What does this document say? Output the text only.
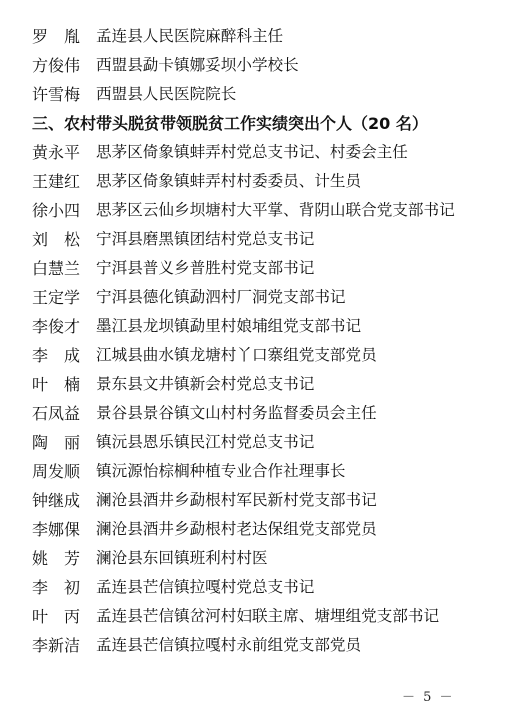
罗　胤	孟连县人民医院麻醉科主任
方俊伟	西盟县勐卡镇娜妥坝小学校长
许雪梅	西盟县人民医院院长
三、农村带头脱贫带领脱贫工作实绩突出个人（20 名）
黄永平	思茅区倚象镇蚌弄村党总支书记、村委会主任
王建红	思茅区倚象镇蚌弄村村委委员、计生员
徐小四	思茅区云仙乡坝塘村大平掌、背阴山联合党支部书记
刘　松	宁洱县磨黑镇团结村党总支书记
白慧兰	宁洱县普义乡普胜村党支部书记
王定学	宁洱县德化镇勐泗村厂洞党支部书记
李俊才	墨江县龙坝镇勐里村娘埔组党支部书记
李　成	江城县曲水镇龙塘村丫口寨组党支部党员
叶　楠	景东县文井镇新会村党总支书记
石凤益	景谷县景谷镇文山村村务监督委员会主任
陶　丽	镇沅县恩乐镇民江村党总支书记
周发顺	镇沅源怡棕榈种植专业合作社理事长
钟继成	澜沧县酒井乡勐根村军民新村党支部书记
李娜倮	澜沧县酒井乡勐根村老达保组党支部党员
姚　芳	澜沧县东回镇班利村村医
李　初	孟连县芒信镇拉嘎村党总支书记
叶　丙	孟连县芒信镇岔河村妇联主席、塘埋组党支部书记
李新洁	孟连县芒信镇拉嘎村永前组党支部党员
－ 5 －
